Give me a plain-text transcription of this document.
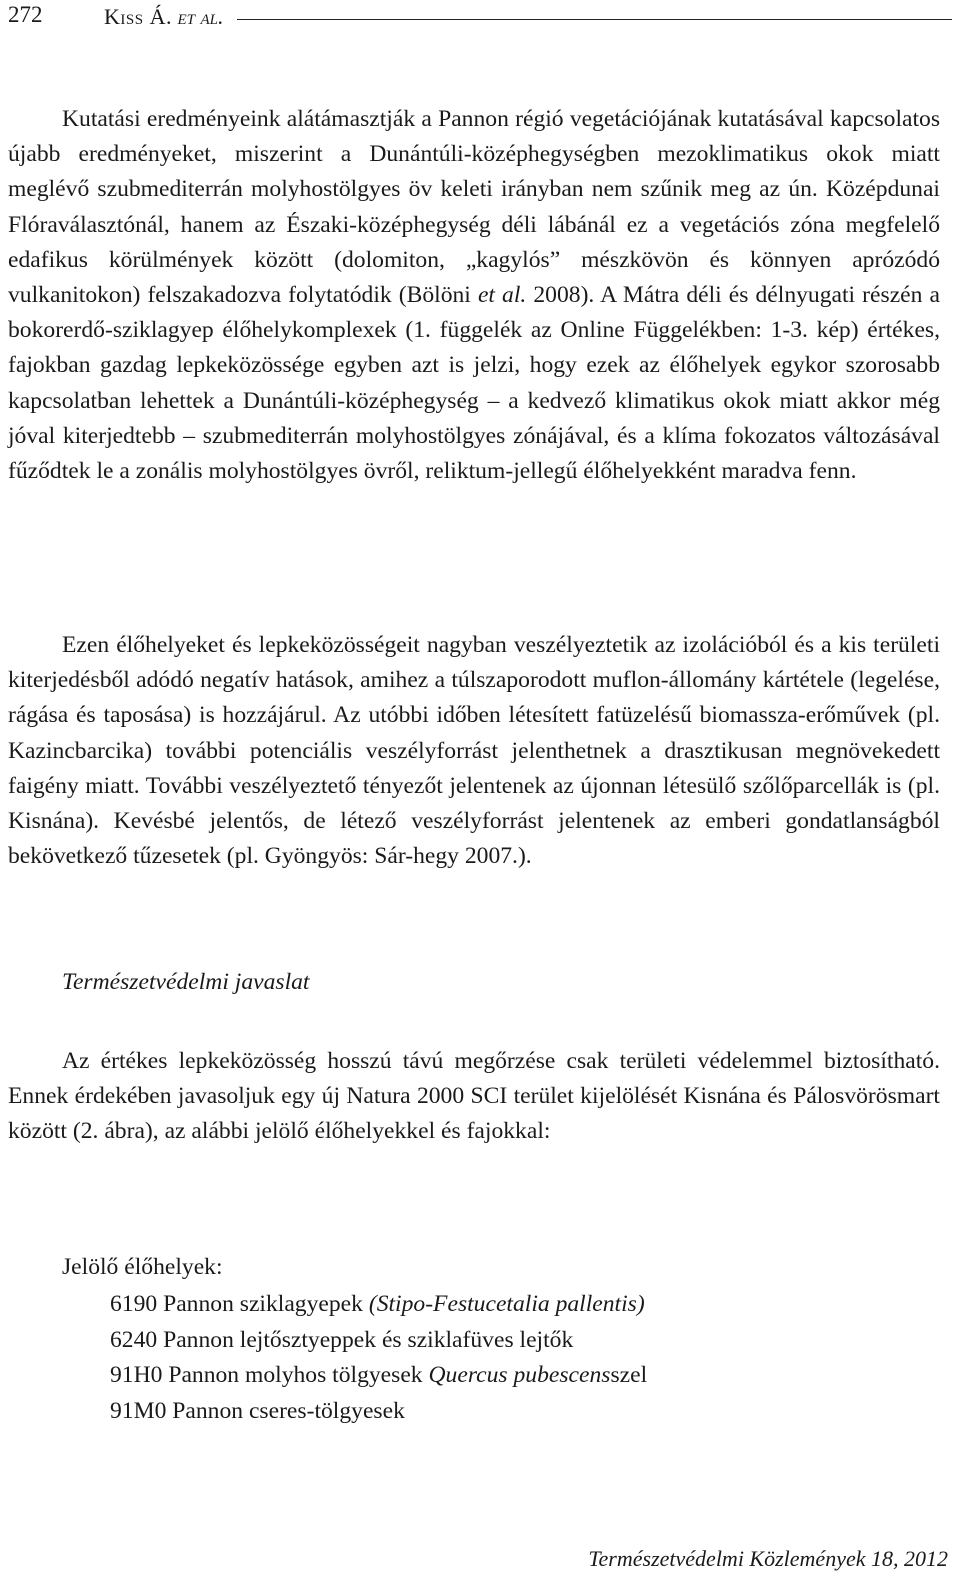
272	Kiss Á.
et al.

Kutatási eredményeink alátámasztják a Pannon régió vegetációjának kutatásával kapcsolatos újabb eredményeket, miszerint a Dunántúli-középhegységben mezoklimatikus okok miatt meglévő szubmediterrán molyhostölgyes öv keleti irányban nem szűnik meg az ún. Középdunai Flóraválasztónál, hanem az Északi-középhegység déli lábánál ez a vegetációs zóna megfelelő edafikus körülmények között (dolomiton, „kagylós” mészkövön és könnyen aprózódó vulkanitokon) felszakadozva folytatódik (Bölöni et al. 2008). A Mátra déli és délnyugati részén a bokorerdő-sziklagyep élőhelykomplexek (1. függelék az Online Függelékben: 1-3. kép) értékes, fajokban gazdag lepkeközössége egyben azt is jelzi, hogy ezek az élőhelyek egykor szorosabb kapcsolatban lehettek a Dunántúli-középhegység – a kedvező klimatikus okok miatt akkor még jóval kiterjedtebb – szubmediterrán molyhostölgyes zónájával, és a klíma fokozatos változásával fűződtek le a zonális molyhostölgyes övről, reliktum-jellegű élőhelyekként maradva fenn.

Ezen élőhelyeket és lepkeközösségeit nagyban veszélyeztetik az izolációból és a kis területi kiterjedésből adódó negatív hatások, amihez a túlszaporodott muflon-állomány kártétele (legelése, rágása és taposása) is hozzájárul. Az utóbbi időben létesített fatüzelésű biomassza-erőművek (pl. Kazincbarcika) további potenciális veszélyforrást jelenthetnek a drasztikusan megnövekedett faigény miatt. További veszélyeztető tényezőt jelentenek az újonnan létesülő szőlőparcellák is (pl. Kisnána). Kevésbé jelentős, de létező veszélyforrást jelentenek az emberi gondatlanságból bekövetkező tűzesetek (pl. Gyöngyös: Sár-hegy 2007.).

Természetvédelmi javaslat

Az értékes lepkeközösség hosszú távú megőrzése csak területi védelemmel biztosítható. Ennek érdekében javasoljuk egy új Natura 2000 SCI terület kijelölését Kisnána és Pálosvörösmart között (2. ábra), az alábbi jelölő élőhelyekkel és fajokkal:

Jelölő élőhelyek:
6190 Pannon sziklagyepek (Stipo-Festucetalia pallentis)
6240 Pannon lejtősztyeppek és sziklafüves lejtők
91H0 Pannon molyhos tölgyesek Quercus pubescensszel
91M0 Pannon cseres-tölgyesek
Természetvédelmi Közlemények 18, 2012
